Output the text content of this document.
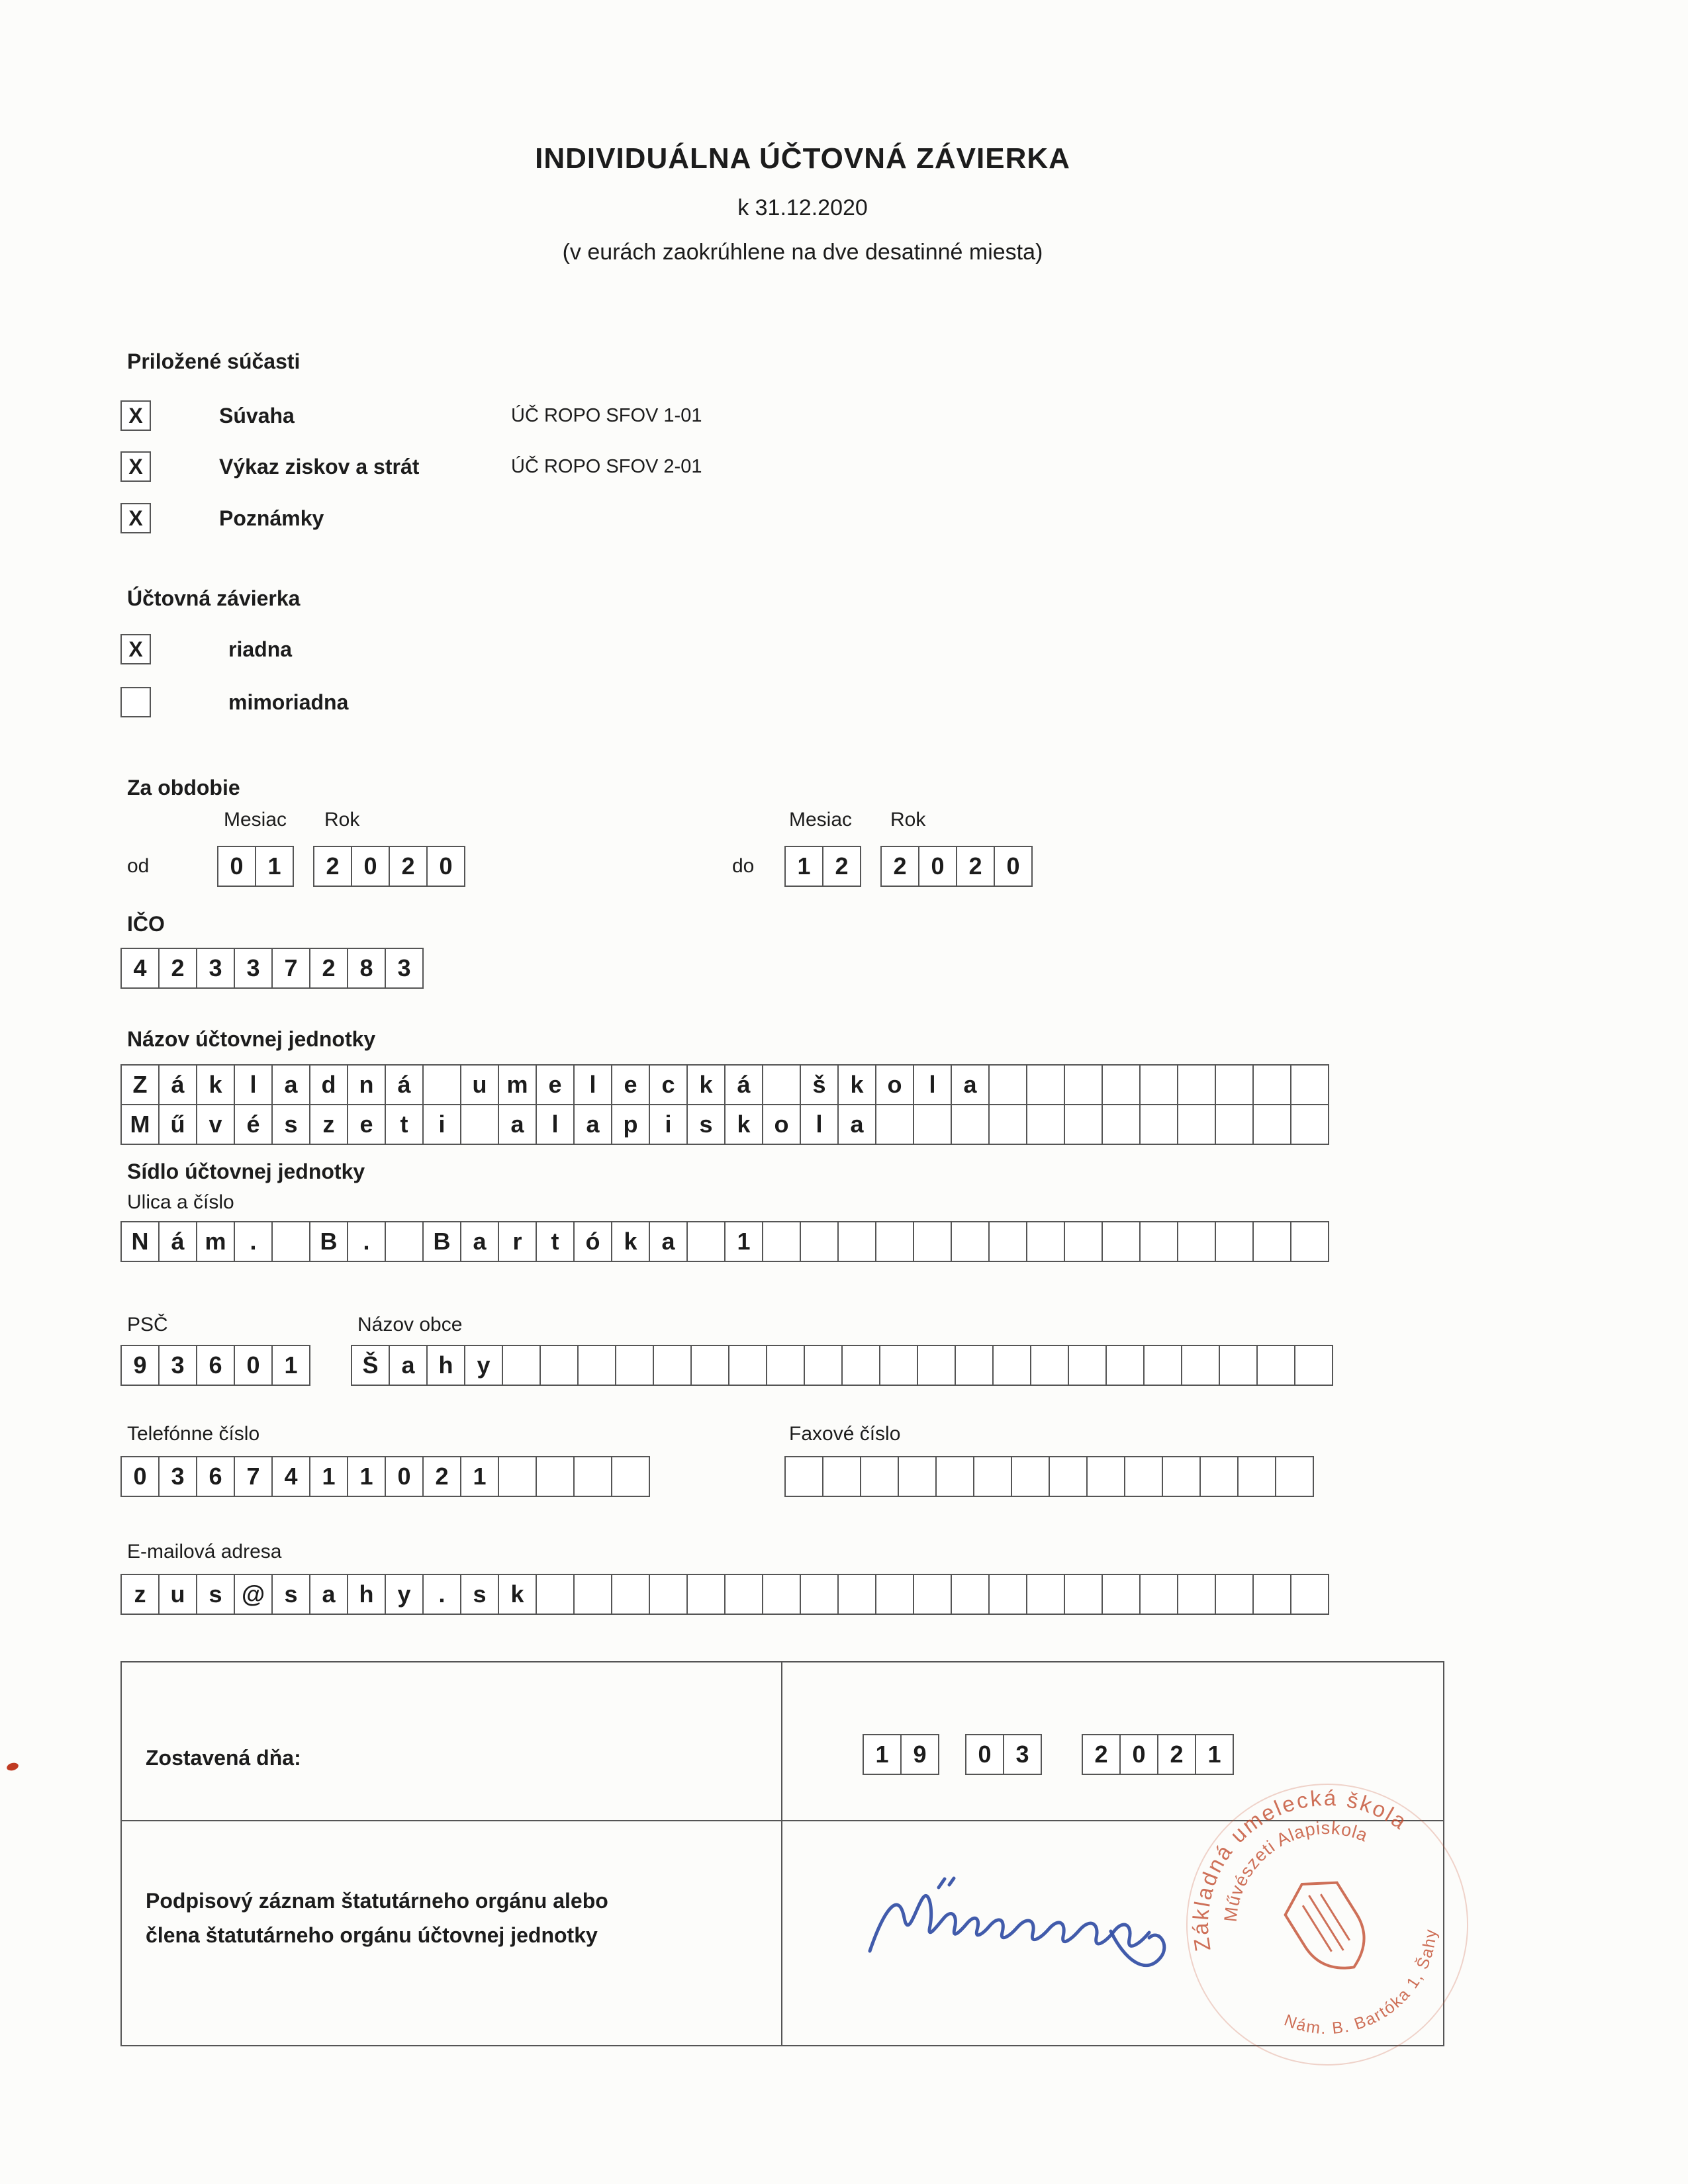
INDIVIDUÁLNA ÚČTOVNÁ ZÁVIERKA
k 31.12.2020
(v eurách zaokrúhlene na dve desatinné miesta)
Priložené súčasti
X	Súvaha	ÚČ ROPO SFOV 1-01
X	Výkaz ziskov a strát	ÚČ ROPO SFOV 2-01
X	Poznámky
Účtovná závierka
X	riadna
mimoriadna
Za obdobie
Mesiac Rok	Mesiac Rok
od	0	1	2	0	2	0	do	1	2	2	0	2	0
IČO
4	2	3	3	7	2	8	3
Názov účtovnej jednotky
Z á	k	l	a d n á	u m e	l	e	c	k	á	š	k o	l	a
M ű v	é	s	z	e	t	i	a	l	a p	i	s	k o	l	a
Sídlo účtovnej jednotky
Ulica a číslo
N á m .	B	.	B a	r	t	ó k	a	1
PSČ	Názov obce
9	3	6	0	1	Š a h y
Telefónne číslo	Faxové číslo
0	3	6	7	4	1	1	0	2	1
E-mailová adresa
z	u s @ s	a h y	.	s	k
Zostavená dňa:
Podpisový záznam štatutárneho orgánu alebo
člena štatutárneho orgánu účtovnej jednotky
1	9	0	3	2	0	2	1
Základná umelecká škola
Művészeti Alapiskola
Nám. B. Bartóka 1, Šahy
